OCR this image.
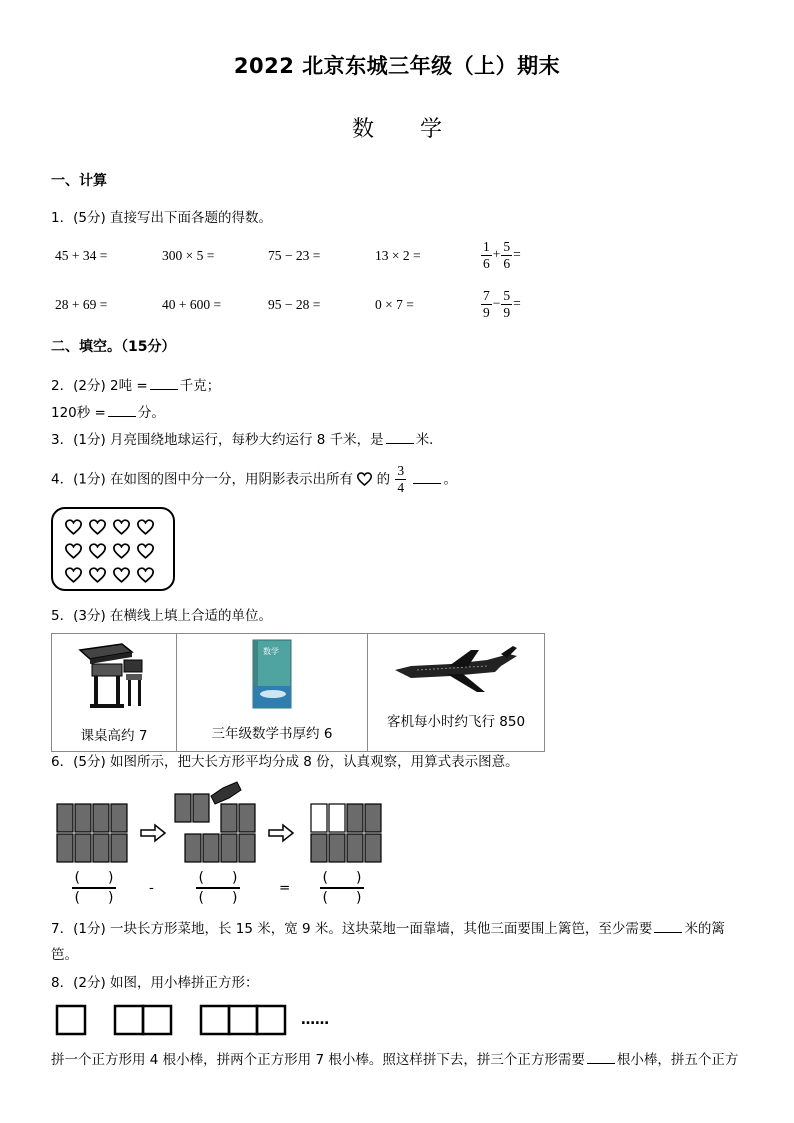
2022 北京东城三年级（上）期末
数学
一、计算
1．(5分) 直接写出下面各题的得数。
45 + 34 =	300 × 5 =	75 − 23 =	13 × 2 =	$\frac{1}{6} + \frac{5}{6}$ =
28 + 69 =	40 + 600 =	95 − 28 =	0 × 7 =	$\frac{7}{9} - \frac{5}{9}$ =
二、填空。（15分）
2．(2分) 2吨 = 千克；
120秒 = 分。
3．(1分) 月亮围绕地球运行，每秒大约运行 8 千米，是 米．
4．(1分) 在如图的图中分一分，用阴影表示出所有 的 $\frac{3}{4}$	。
5．(3分) 在横线上填上合适的单位。
课桌高约 7

数学
三年级数学书厚约 6

客机每小时约飞行 850
6．(5分) 如图所示，把大长方形平均分成 8 份，认真观察，用算式表示图意。
(　　)
(　　)
-
(　　)
(　　)
=
(　　)
(　　)
7．(1分) 一块长方形菜地，长 15 米，宽 9 米。这块菜地一面靠墙，其他三面要围上篱笆，至少需要 米的篱
笆。
8．(2分) 如图，用小棒拼正方形：
……
拼一个正方形用 4 根小棒，拼两个正方形用 7 根小棒。照这样拼下去，拼三个正方形需要 根小棒，拼五个正方
